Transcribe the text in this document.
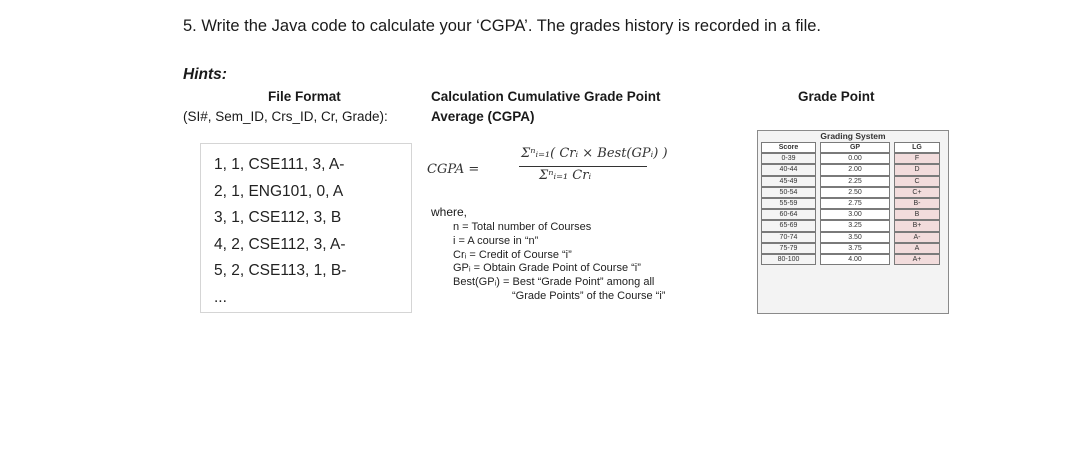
5. Write the Java code to calculate your ‘CGPA’. The grades history is recorded in a file.
Hints:
File Format
(SI#, Sem_ID, Crs_ID, Cr, Grade):
Calculation Cumulative Grade Point
Average (CGPA)
Grade Point
1, 1, CSE111, 3, A-
2, 1, ENG101, 0, A
3, 1, CSE112, 3, B
4, 2, CSE112, 3, A-
5, 2, CSE113, 1, B-
...
CGPA =
Σⁿᵢ₌₁( Crᵢ × Best(GPᵢ) )
Σⁿᵢ₌₁ Crᵢ
where,
n = Total number of Courses
i = A course in “n”
Crᵢ = Credit of Course “i”
GPᵢ = Obtain Grade Point of Course “i”
Best(GPᵢ) = Best “Grade Point” among all
“Grade Points” of the Course “i”
Grading System
Score		GP		LG
0-39		0.00		F
40-44		2.00		D
45-49		2.25		C
50-54		2.50		C+
55-59		2.75		B-
60-64		3.00		B
65-69		3.25		B+
70-74		3.50		A-
75-79		3.75		A
80-100		4.00		A+
